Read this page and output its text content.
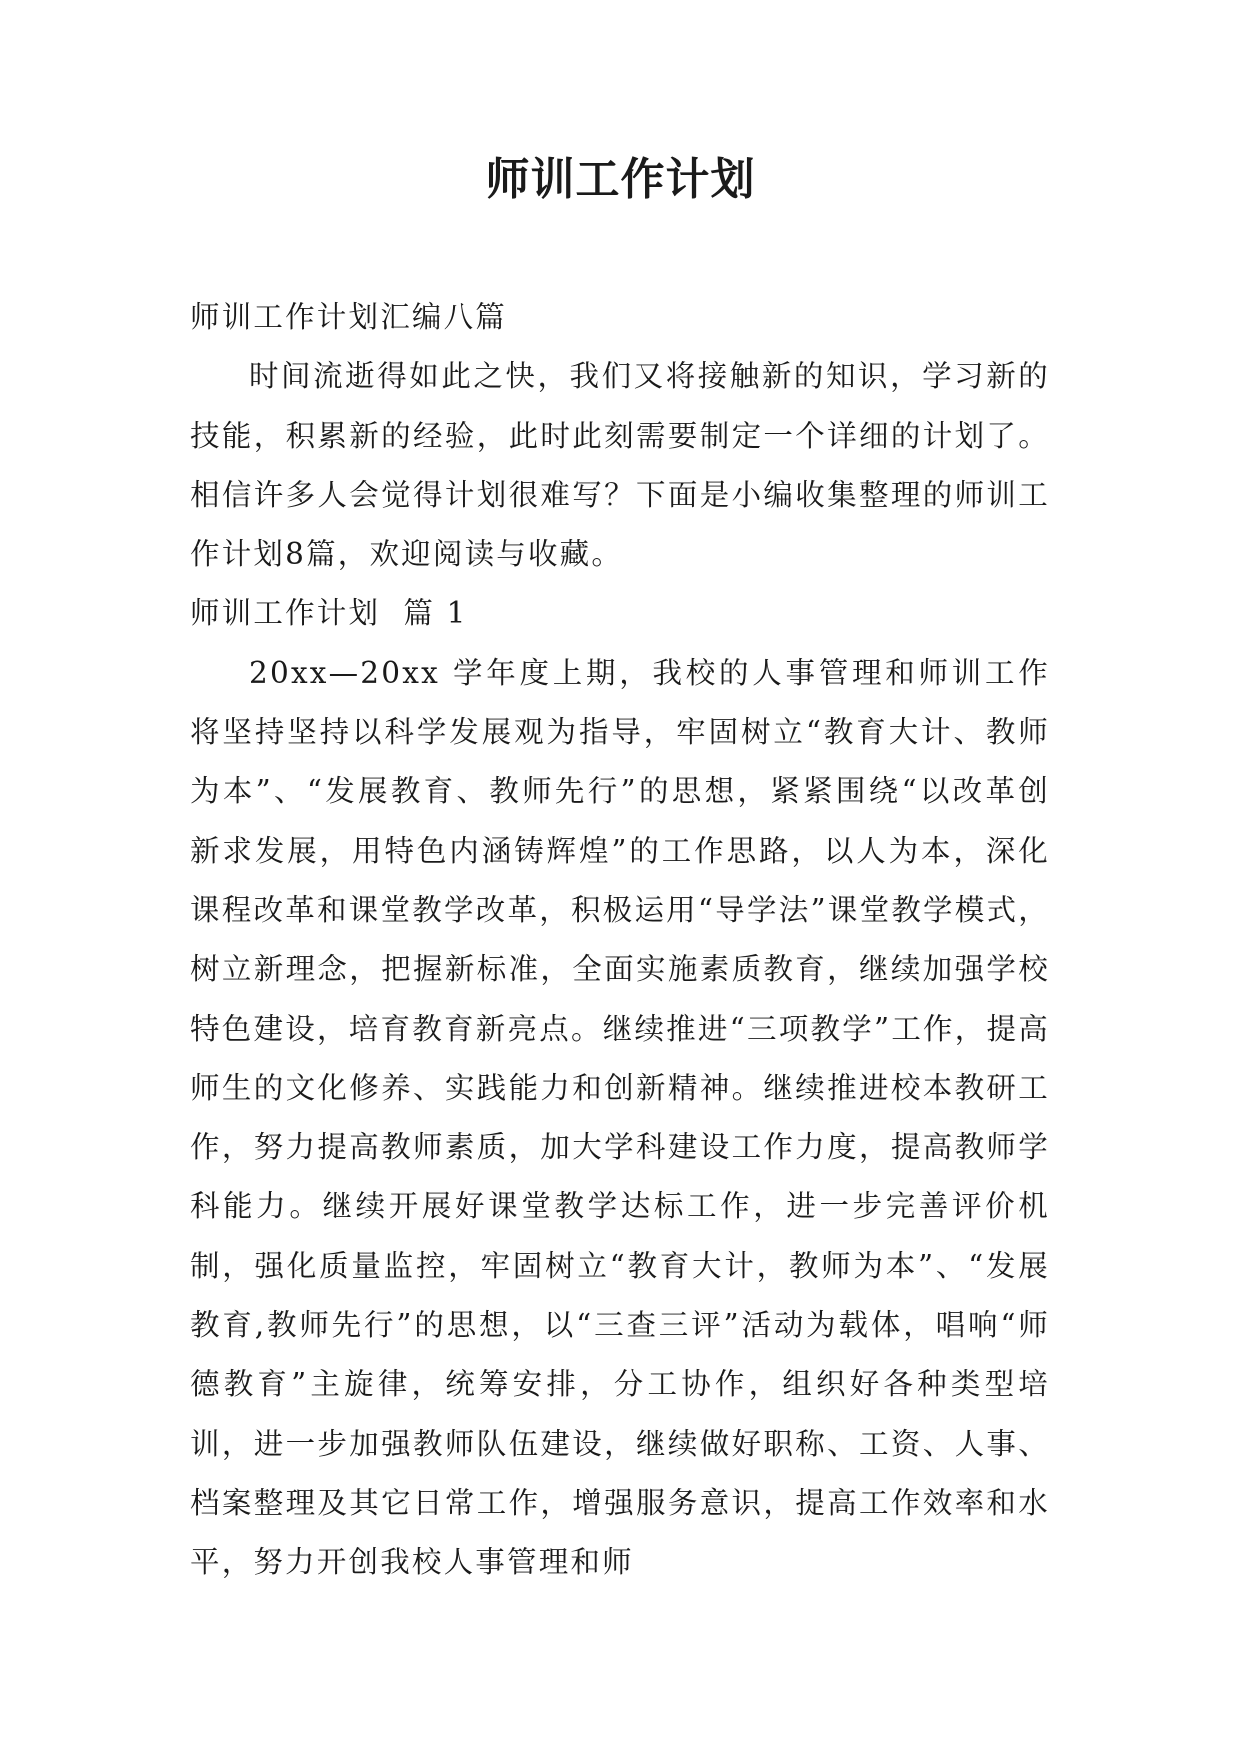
师训工作计划

师训工作计划汇编八篇

时间流逝得如此之快，我们又将接触新的知识，学习新的技能，积累新的经验，此时此刻需要制定一个详细的计划了。相信许多人会觉得计划很难写？下面是小编收集整理的师训工作计划8篇，欢迎阅读与收藏。

师训工作计划  篇 1

20xx—20xx 学年度上期，我校的人事管理和师训工作将坚持坚持以科学发展观为指导，牢固树立“教育大计、教师为本”、“发展教育、教师先行”的思想，紧紧围绕“以改革创新求发展，用特色内涵铸辉煌”的工作思路，以人为本，深化课程改革和课堂教学改革，积极运用“导学法”课堂教学模式，树立新理念，把握新标准，全面实施素质教育，继续加强学校特色建设，培育教育新亮点。继续推进“三项教学”工作，提高师生的文化修养、实践能力和创新精神。继续推进校本教研工作，努力提高教师素质，加大学科建设工作力度，提高教师学科能力。继续开展好课堂教学达标工作，进一步完善评价机制，强化质量监控，牢固树立“教育大计，教师为本”、“发展教育,教师先行”的思想，以“三查三评”活动为载体，唱响“师德教育”主旋律，统筹安排，分工协作，组织好各种类型培训，进一步加强教师队伍建设，继续做好职称、工资、人事、档案整理及其它日常工作，增强服务意识，提高工作效率和水平，努力开创我校人事管理和师
